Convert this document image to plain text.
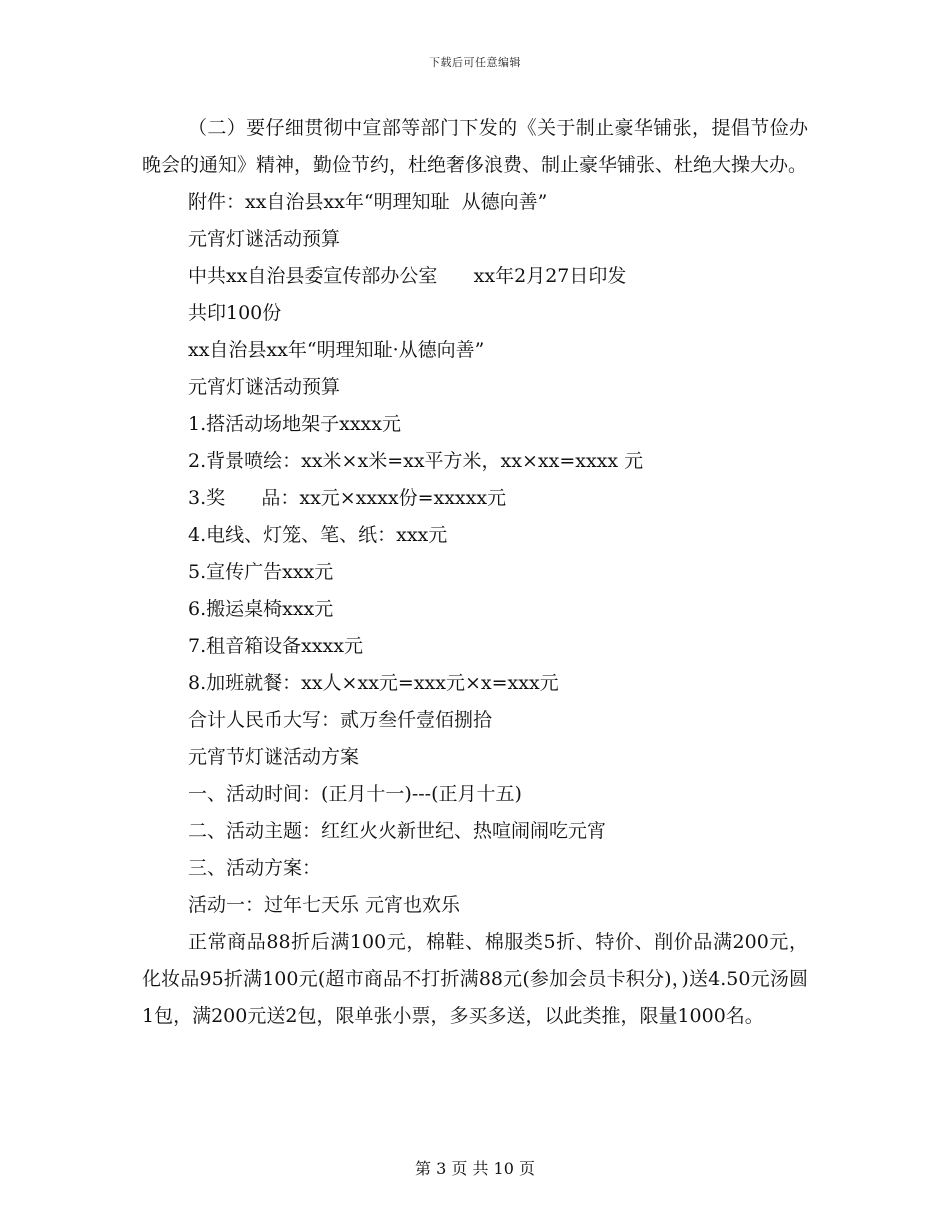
下载后可任意编辑

（二）要仔细贯彻中宣部等部门下发的《关于制止豪华铺张，提倡节俭办晚会的通知》精神，勤俭节约，杜绝奢侈浪费、制止豪华铺张、杜绝大操大办。

附件：xx自治县xx年“明理知耻  从德向善”

元宵灯谜活动预算

中共xx自治县委宣传部办公室      xx年2月27日印发

共印100份

xx自治县xx年“明理知耻·从德向善”

元宵灯谜活动预算

1.搭活动场地架子xxxx元

2.背景喷绘：xx米×x米=xx平方米，xx×xx=xxxx 元

3.奖      品：xx元×xxxx份=xxxxx元

4.电线、灯笼、笔、纸：xxx元

5.宣传广告xxx元

6.搬运桌椅xxx元

7.租音箱设备xxxx元

8.加班就餐：xx人×xx元=xxx元×x=xxx元

合计人民币大写：贰万叁仟壹佰捌拾

元宵节灯谜活动方案

一、活动时间：(正月十一)---(正月十五)

二、活动主题：红红火火新世纪、热喧闹闹吃元宵

三、活动方案：

活动一：过年七天乐 元宵也欢乐

正常商品88折后满100元，棉鞋、棉服类5折、特价、削价品满200元，化妆品95折满100元(超市商品不打折满88元(参加会员卡积分)，)送4.50元汤圆1包，满200元送2包，限单张小票，多买多送，以此类推，限量1000名。

第 3 页 共 10 页
